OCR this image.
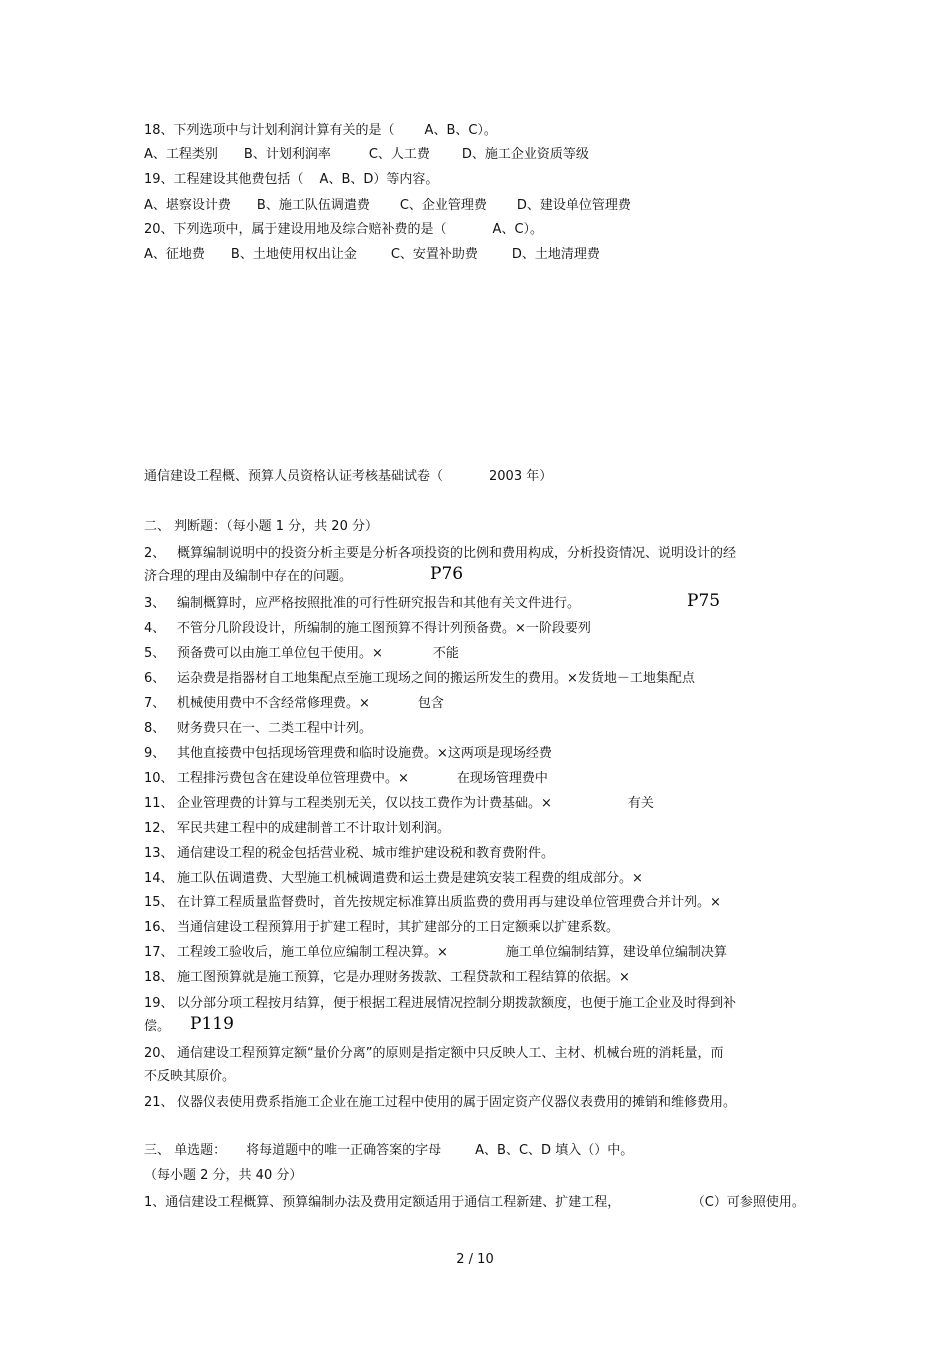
18、下列选项中与计划利润计算有关的是（ A、B、C）。
A、工程类别 B、计划利润率	C、人工费 D、施工企业资质等级
19、工程建设其他费包括（ A、B、D）等内容。
A、堪察设计费 B、施工队伍调遣费 C、企业管理费 D、建设单位管理费
20、下列选项中，属于建设用地及综合赔补费的是（	A、C）。
A、征地费 B、土地使用权出让金	C、安置补助费	D、土地清理费
通信建设工程概、预算人员资格认证考核基础试卷（	2003 年）
二、 判断题：（每小题 1 分，共 20 分）
2、 概算编制说明中的投资分析主要是分析各项投资的比例和费用构成，分析投资情况、说明设计的经
济合理的理由及编制中存在的问题。	P76
3、 编制概算时，应严格按照批准的可行性研究报告和其他有关文件进行。	P75
4、 不管分几阶段设计，所编制的施工图预算不得计列预备费。×一阶段要列
5、 预备费可以由施工单位包干使用。×	不能
6、 运杂费是指器材自工地集配点至施工现场之间的搬运所发生的费用。×发货地－工地集配点
7、 机械使用费中不含经常修理费。×	包含
8、 财务费只在一、二类工程中计列。
9、 其他直接费中包括现场管理费和临时设施费。×这两项是现场经费
10、 工程排污费包含在建设单位管理费中。×	在现场管理费中
11、 企业管理费的计算与工程类别无关，仅以技工费作为计费基础。×	有关
12、 军民共建工程中的成建制普工不计取计划利润。
13、 通信建设工程的税金包括营业税、城市维护建设税和教育费附件。
14、 施工队伍调遣费、大型施工机械调遣费和运土费是建筑安装工程费的组成部分。×
15、 在计算工程质量监督费时，首先按规定标准算出质监费的费用再与建设单位管理费合并计列。×
16、 当通信建设工程预算用于扩建工程时，其扩建部分的工日定额乘以扩建系数。
17、 工程竣工验收后，施工单位应编制工程决算。×	施工单位编制结算，建设单位编制决算
18、 施工图预算就是施工预算，它是办理财务拨款、工程贷款和工程结算的依据。×
19、 以分部分项工程按月结算，便于根据工程进展情况控制分期拨款额度，也便于施工企业及时得到补
偿。 P119
20、 通信建设工程预算定额“量价分离”的原则是指定额中只反映人工、主材、机械台班的消耗量，而
不反映其原价。
21、 仪器仪表使用费系指施工企业在施工过程中使用的属于固定资产仪器仪表费用的摊销和维修费用。
三、 单选题： 将每道题中的唯一正确答案的字母	A、B、C、D 填入（）中。
（每小题 2 分，共 40 分）
1、通信建设工程概算、预算编制办法及费用定额适用于通信工程新建、扩建工程，	（C）可参照使用。
2 / 10
